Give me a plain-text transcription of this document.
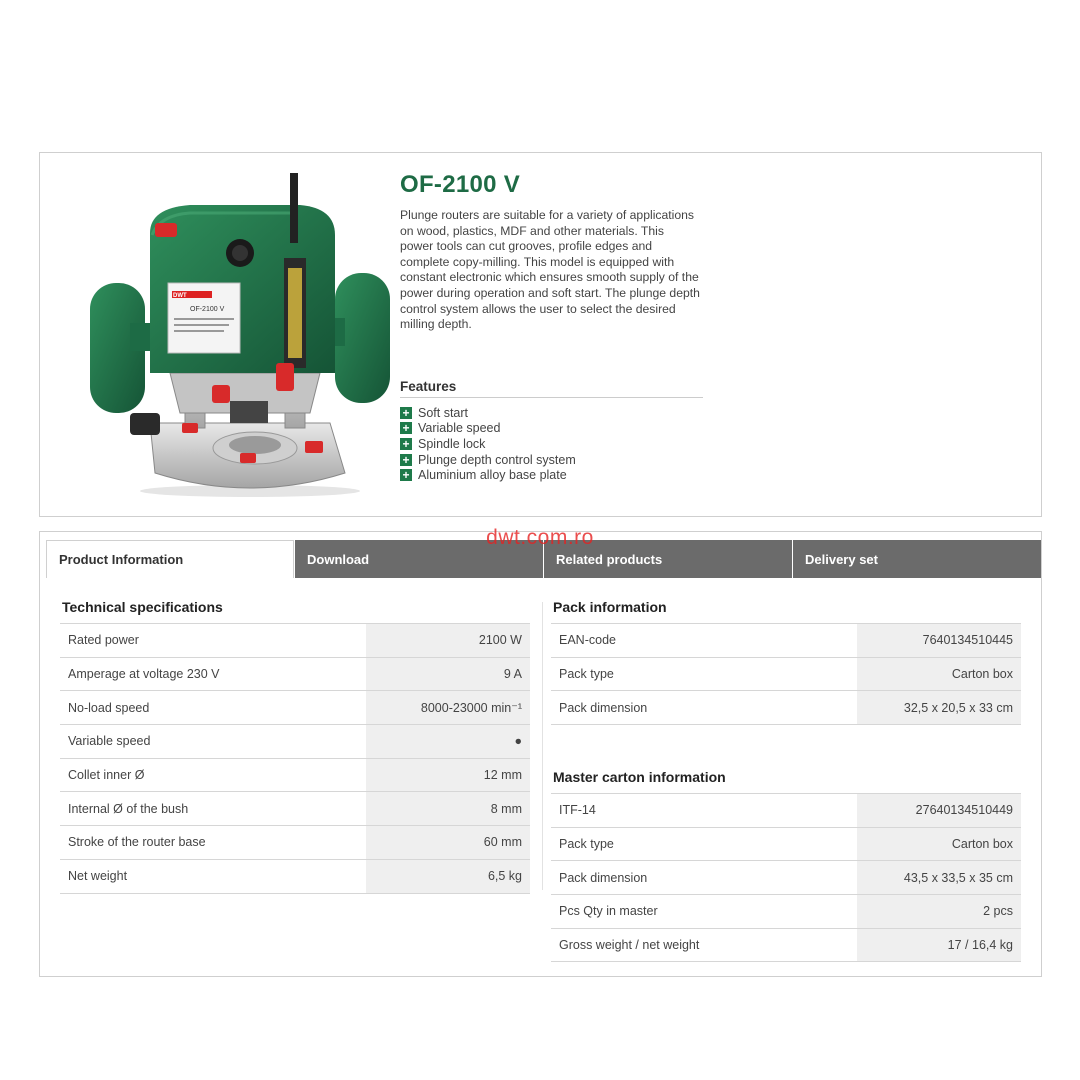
OF-2100 V
DWT
OF-2100 V

Plunge routers are suitable for a variety of applications on wood, plastics, MDF and other materials. This power tools can cut grooves, profile edges and complete copy-milling. This model is equipped with constant electronic which ensures smooth supply of the power during operation and soft start. The plunge depth control system allows the user to select the desired milling depth.

Features
+ Soft start
+ Variable speed
+ Spindle lock
+ Plunge depth control system
+ Aluminium alloy base plate
Product Information	Download	Related products	Delivery set
Technical specifications
Rated power	2100 W
Amperage at voltage 230 V	9 A
No-load speed	8000-23000 min⁻¹
Variable speed	●
Collet inner Ø	12 mm
Internal Ø of the bush	8 mm
Stroke of the router base	60 mm
Net weight	6,5 kg
Pack information
EAN-code	7640134510445
Pack type	Carton box
Pack dimension	32,5 x 20,5 x 33 cm
Master carton information
ITF-14	27640134510449
Pack type	Carton box
Pack dimension	43,5 x 33,5 x 35 cm
Pcs Qty in master	2 pcs
Gross weight / net weight	17 / 16,4 kg
dwt.com.ro
